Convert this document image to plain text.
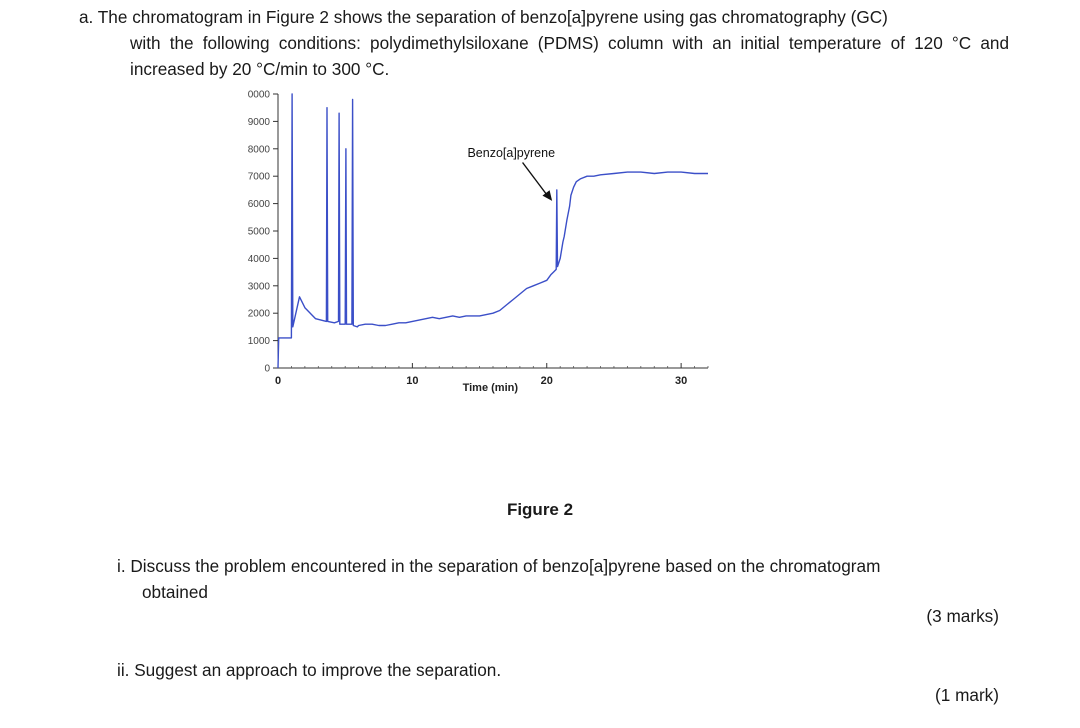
a. The chromatogram in Figure 2 shows the separation of benzo[a]pyrene using gas chromatography (GC)
with the following conditions: polydimethylsiloxane (PDMS) column with an initial temperature of 120 °C and increased by 20 °C/min to 300 °C.
0
1000
2000
3000
4000
5000
6000
7000
8000
9000
0000
0	10	20	30
Time (min)
Benzo[a]pyrene
Figure 2
i. Discuss the problem encountered in the separation of benzo[a]pyrene based on the chromatogram
obtained
(3 marks)
ii. Suggest an approach to improve the separation.
(1 mark)
